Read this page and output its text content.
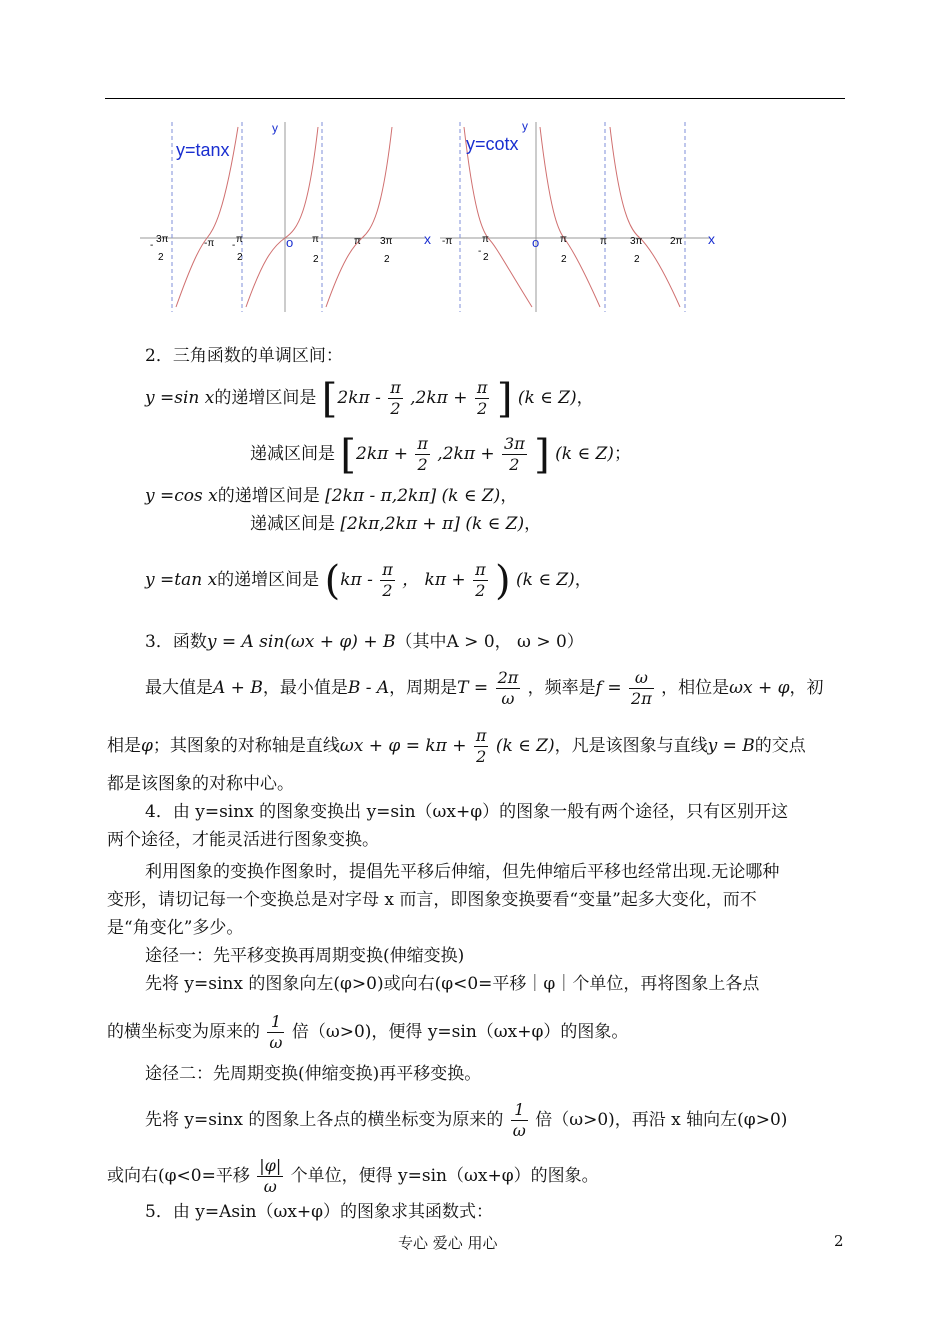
y=tanx
y
x
o
-
3π
2
-π -
π
2
π
2
π 3π
2
y=cotx
y
x
o
-π
-
π
2
π
2
π 3π
2
2π
2．三角函数的单调区间：
y =sin x的递增区间是 [$2k\pi - \frac{\pi}{2} ,2k\pi + \frac{\pi}{2}$ ] (k ∈ Z)，
递减区间是 [$2k\pi + \frac{\pi}{2} ,2k\pi + \frac{3\pi}{2}$ ] (k ∈ Z)；
y =cos x的递增区间是 [2kπ - π,2kπ] (k ∈ Z)，
递减区间是 [2kπ,2kπ + π] (k ∈ Z)，
y =tan x的递增区间是 ($k\pi - \frac{\pi}{2}$ ， $k\pi + \frac{\pi}{2}$ ) (k ∈ Z)，
3．函数y = A sin(ωx + φ) + B（其中A > 0， ω > 0）
最大值是A + B，最小值是B - A，周期是$T = \frac{2\pi}{\omega}$ ，频率是$f = \frac{\omega}{2\pi}$ ，相位是ωx + φ，初
相是φ；其图象的对称轴是直线$\omega x + \varphi = k\pi + \frac{\pi}{2} (k$ ∈ Z)，凡是该图象与直线y = B的交点
都是该图象的对称中心。
4．由 y=sinx 的图象变换出 y=sin（ωx+φ）的图象一般有两个途径，只有区别开这
两个途径，才能灵活进行图象变换。
利用图象的变换作图象时，提倡先平移后伸缩，但先伸缩后平移也经常出现.无论哪种
变形，请切记每一个变换总是对字母 x 而言，即图象变换要看“变量”起多大变化，而不
是“角变化”多少。
途径一：先平移变换再周期变换(伸缩变换)
先将 y=sinx 的图象向左(φ>0)或向右(φ<0=平移｜φ｜个单位，再将图象上各点
的横坐标变为原来的 $\frac{1}{\omega}$ 倍（ω>0)，便得 y=sin（ωx+φ）的图象。
途径二：先周期变换(伸缩变换)再平移变换。
先将 y=sinx 的图象上各点的横坐标变为原来的 $\frac{1}{\omega}$ 倍（ω>0)，再沿 x 轴向左(φ>0)
或向右(φ<0=平移 $\frac{|\varphi|}{\omega}$ 个单位，便得 y=sin（ωx+φ）的图象。
5．由 y=Asin（ωx+φ）的图象求其函数式：
专心 爱心 用心	2
